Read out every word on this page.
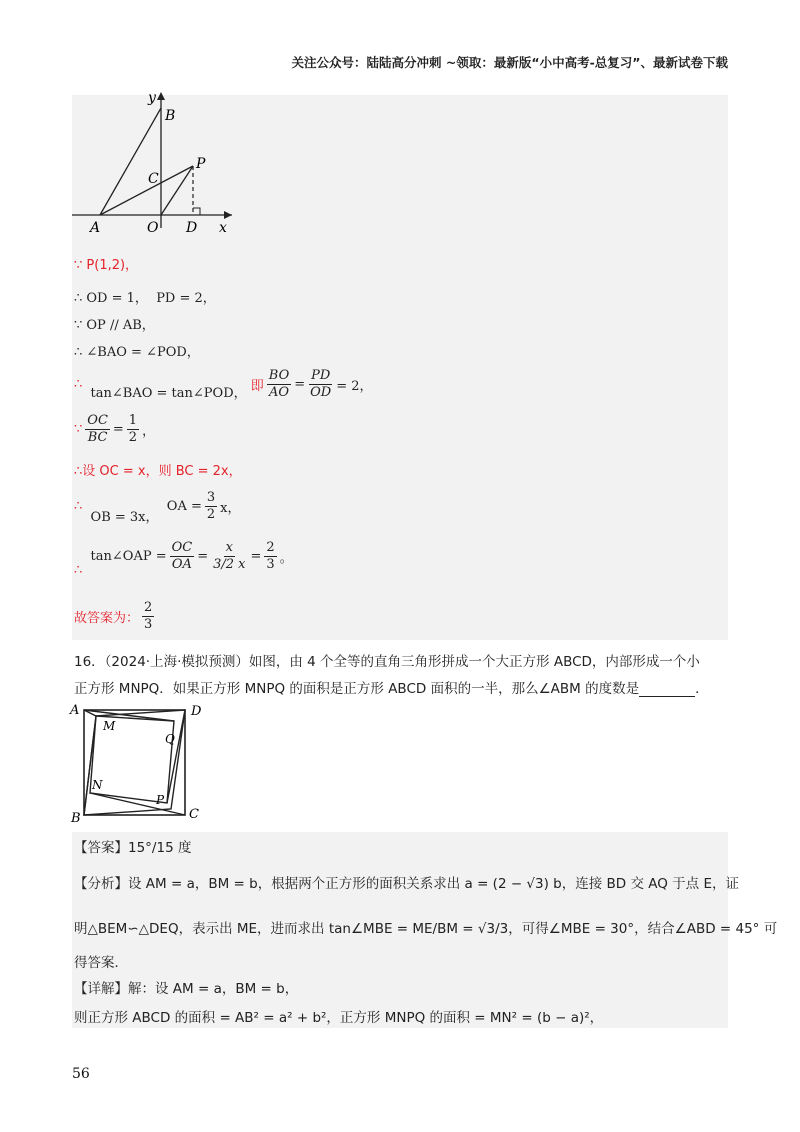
关注公众号：陆陆高分冲刺 ~领取：最新版“小中高考-总复习”、最新试卷下载
y
B
P
C
A	O D x
∵ P(1,2)，
∴ OD = 1，
PD = 2，
∵ OP // AB，
∴ ∠BAO = ∠POD，
∴

tan∠BAO = tan∠POD，
即 $\frac{BO}{AO} = \frac{PD}{OD} = 2$，
∵ $\frac{OC}{BC} = \frac{1}{2}$ ，
∴设 OC = x，则 BC = 2x，
∴

OB = 3x，

OA = $\frac{3}{2}$ x，
∴

tan∠OAP = $\frac{OC}{OA} = \frac{x}{3/2 x} = \frac{2}{3}$ 。
故答案为： $\frac{2}{3}$
16．（2024·上海·模拟预测）如图，由 4 个全等的直角三角形拼成一个大正方形 ABCD，内部形成一个小
正方形 MNPQ．如果正方形 MNPQ 的面积是正方形 ABCD 面积的一半，那么∠ABM 的度数是	．
A	D
M
Q
N
P
B	C
【答案】15°/15 度
【分析】设 AM = a，BM = b，根据两个正方形的面积关系求出 a = (2 − √3) b，连接 BD 交 AQ 于点 E，证
明△BEM∽△DEQ，表示出 ME，进而求出 tan∠MBE = ME/BM = √3/3，可得∠MBE = 30°，结合∠ABD = 45° 可
得答案．
【详解】解：设 AM = a，BM = b，
则正方形 ABCD 的面积 = AB² = a² + b²，正方形 MNPQ 的面积 = MN² = (b − a)²，
56
